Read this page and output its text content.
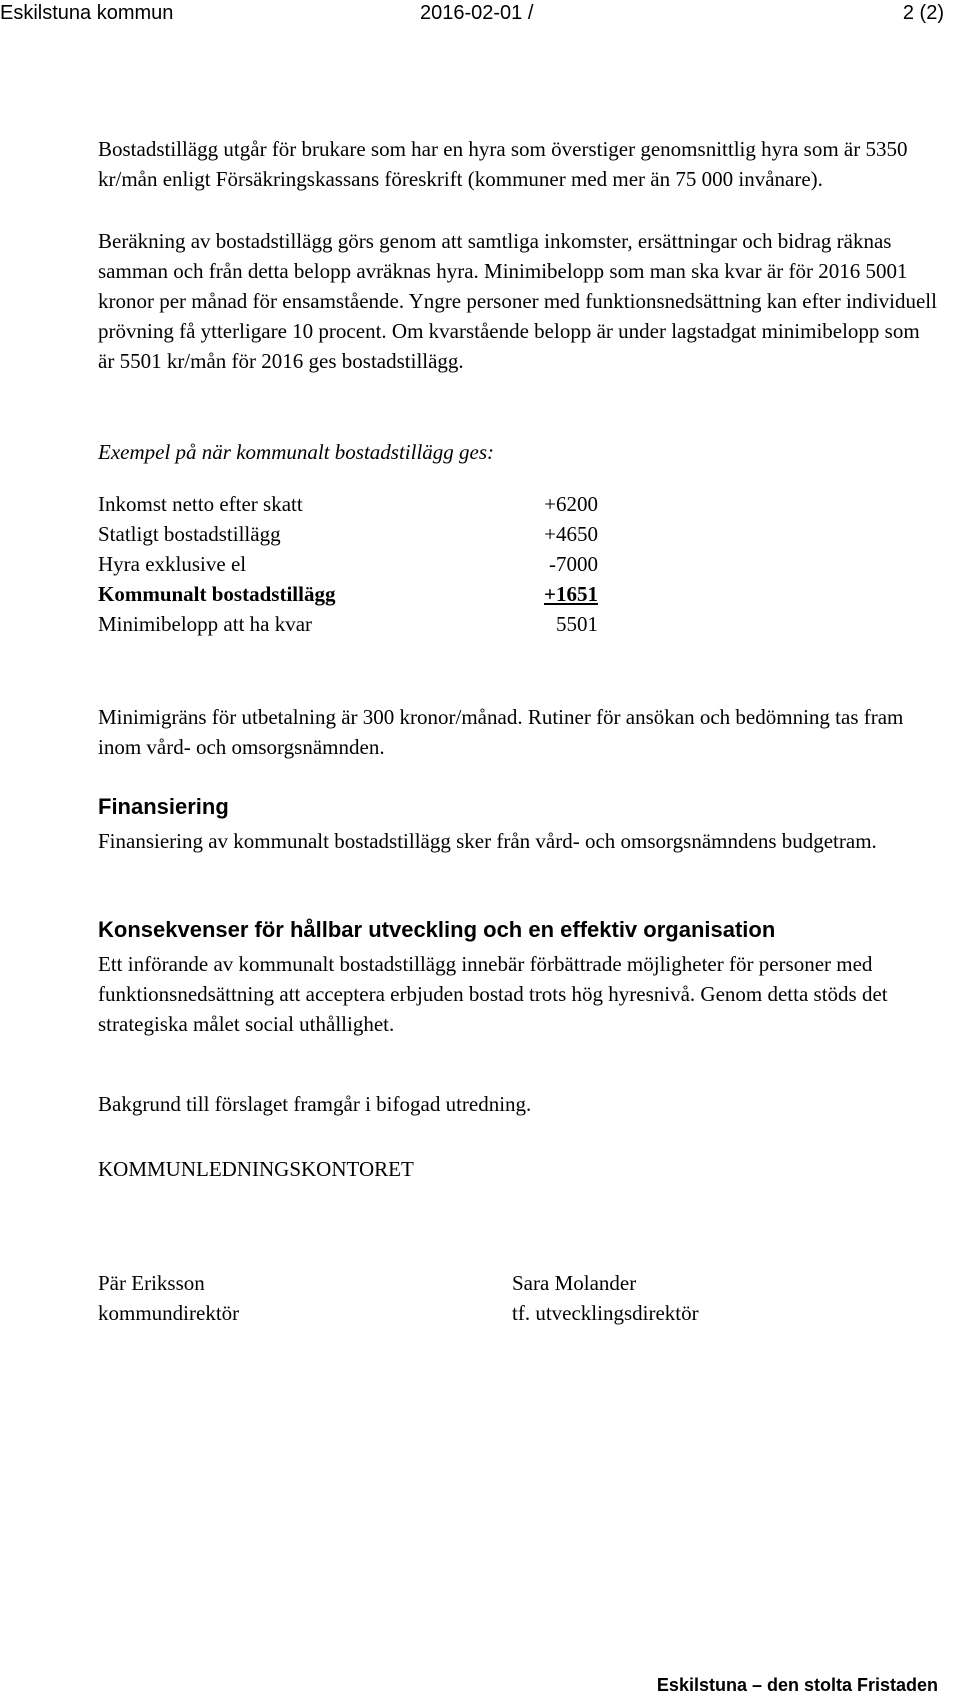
Eskilstuna kommun	2016-02-01 /	2 (2)

Bostadstillägg utgår för brukare som har en hyra som överstiger genomsnittlig hyra som är 5350 kr/mån enligt Försäkringskassans föreskrift (kommuner med mer än 75 000 invånare).

Beräkning av bostadstillägg görs genom att samtliga inkomster, ersättningar och bidrag räknas samman och från detta belopp avräknas hyra. Minimibelopp som man ska kvar är för 2016 5001 kronor per månad för ensamstående. Yngre personer med funktionsnedsättning kan efter individuell prövning få ytterligare 10 procent. Om kvarstående belopp är under lagstadgat minimibelopp som är 5501 kr/mån för 2016 ges bostadstillägg.

Exempel på när kommunalt bostadstillägg ges:

Inkomst netto efter skatt	+6200
Statligt bostadstillägg	+4650
Hyra exklusive el	-7000
Kommunalt bostadstillägg	+1651
Minimibelopp att ha kvar	5501

Minimigräns för utbetalning är 300 kronor/månad. Rutiner för ansökan och bedömning tas fram inom vård- och omsorgsnämnden.

Finansiering

Finansiering av kommunalt bostadstillägg sker från vård- och omsorgsnämndens budgetram.

Konsekvenser för hållbar utveckling och en effektiv organisation

Ett införande av kommunalt bostadstillägg innebär förbättrade möjligheter för personer med funktionsnedsättning att acceptera erbjuden bostad trots hög hyresnivå. Genom detta stöds det strategiska målet social uthållighet.

Bakgrund till förslaget framgår i bifogad utredning.

KOMMUNLEDNINGSKONTORET

Pär Eriksson
kommundirektör
Sara Molander
tf. utvecklingsdirektör
Eskilstuna – den stolta Fristaden
